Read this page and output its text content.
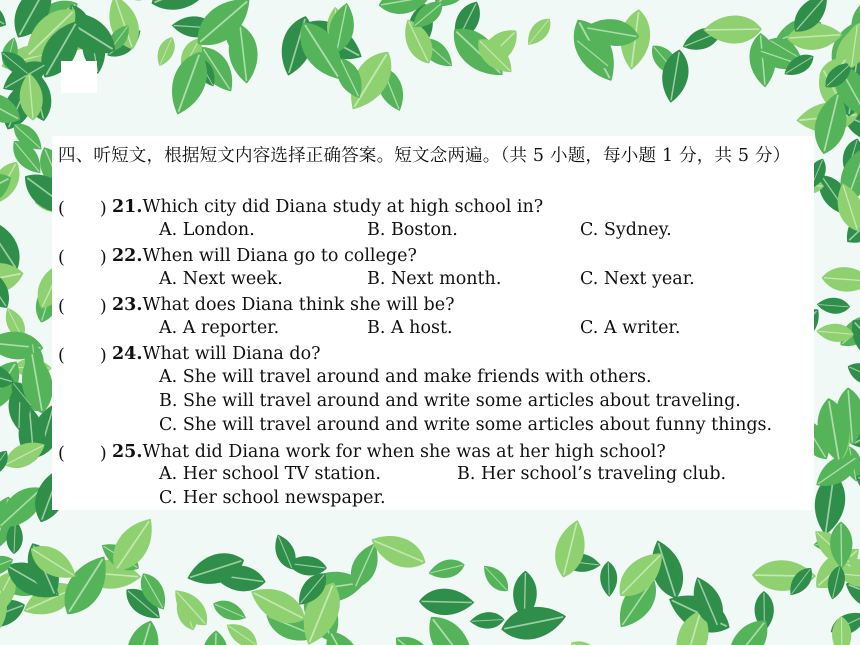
四、听短文，根据短文内容选择正确答案。短文念两遍。（共 5 小题，每小题 1 分，共 5 分）
(　　) 21.Which city did Diana study at high school in?
A. London.	B. Boston.	C. Sydney.
(　　) 22.When will Diana go to college?
A. Next week.	B. Next month.	C. Next year.
(　　) 23.What does Diana think she will be?
A. A reporter.	B. A host.	C. A writer.
(　　) 24.What will Diana do?
A. She will travel around and make friends with others.
B. She will travel around and write some articles about traveling.
C. She will travel around and write some articles about funny things.
(　　) 25.What did Diana work for when she was at her high school?
A. Her school TV station.	B. Her school’s traveling club.
C. Her school newspaper.
